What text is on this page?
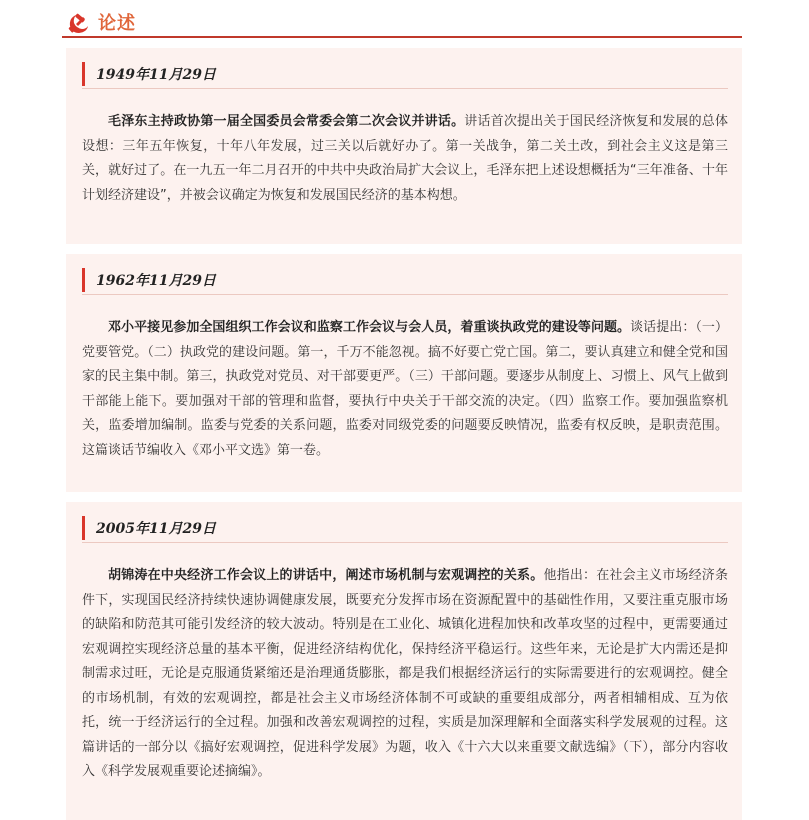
论述
1949年11月29日

毛泽东主持政协第一届全国委员会常委会第二次会议并讲话。讲话首次提出关于国民经济恢复和发展的总体设想：三年五年恢复，十年八年发展，过三关以后就好办了。第一关战争，第二关土改，到社会主义这是第三关，就好过了。在一九五一年二月召开的中共中央政治局扩大会议上，毛泽东把上述设想概括为“三年准备、十年计划经济建设”，并被会议确定为恢复和发展国民经济的基本构想。

1962年11月29日

邓小平接见参加全国组织工作会议和监察工作会议与会人员，着重谈执政党的建设等问题。谈话提出：（一）党要管党。（二）执政党的建设问题。第一，千万不能忽视。搞不好要亡党亡国。第二，要认真建立和健全党和国家的民主集中制。第三，执政党对党员、对干部要更严。（三）干部问题。要逐步从制度上、习惯上、风气上做到干部能上能下。要加强对干部的管理和监督，要执行中央关于干部交流的决定。（四）监察工作。要加强监察机关，监委增加编制。监委与党委的关系问题，监委对同级党委的问题要反映情况，监委有权反映，是职责范围。这篇谈话节编收入《邓小平文选》第一卷。

2005年11月29日

胡锦涛在中央经济工作会议上的讲话中，阐述市场机制与宏观调控的关系。他指出：在社会主义市场经济条件下，实现国民经济持续快速协调健康发展，既要充分发挥市场在资源配置中的基础性作用，又要注重克服市场的缺陷和防范其可能引发经济的较大波动。特别是在工业化、城镇化进程加快和改革攻坚的过程中，更需要通过宏观调控实现经济总量的基本平衡，促进经济结构优化，保持经济平稳运行。这些年来，无论是扩大内需还是抑制需求过旺，无论是克服通货紧缩还是治理通货膨胀，都是我们根据经济运行的实际需要进行的宏观调控。健全的市场机制，有效的宏观调控，都是社会主义市场经济体制不可或缺的重要组成部分，两者相辅相成、互为依托，统一于经济运行的全过程。加强和改善宏观调控的过程，实质是加深理解和全面落实科学发展观的过程。这篇讲话的一部分以《搞好宏观调控，促进科学发展》为题，收入《十六大以来重要文献选编》（下），部分内容收入《科学发展观重要论述摘编》。
